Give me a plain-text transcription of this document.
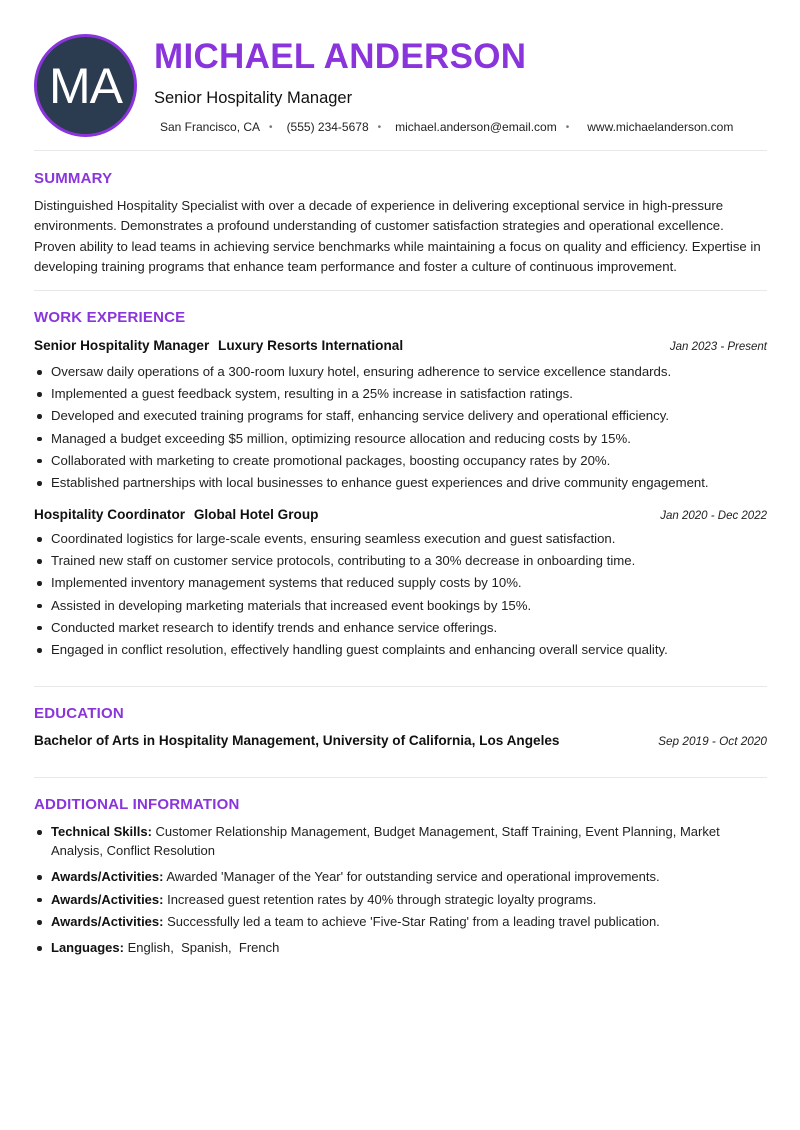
MA
MICHAEL ANDERSON
Senior Hospitality Manager
San Francisco, CA • (555) 234-5678 • michael.anderson@email.com • www.michaelanderson.com
SUMMARY
Distinguished Hospitality Specialist with over a decade of experience in delivering exceptional service in high-pressure environments. Demonstrates a profound understanding of customer satisfaction strategies and operational excellence. Proven ability to lead teams in achieving service benchmarks while maintaining a focus on quality and efficiency. Expertise in developing training programs that enhance team performance and foster a culture of continuous improvement.
WORK EXPERIENCE
Senior Hospitality Manager Luxury Resorts International	Jan 2023 - Present
Oversaw daily operations of a 300-room luxury hotel, ensuring adherence to service excellence standards.
Implemented a guest feedback system, resulting in a 25% increase in satisfaction ratings.
Developed and executed training programs for staff, enhancing service delivery and operational efficiency.
Managed a budget exceeding $5 million, optimizing resource allocation and reducing costs by 15%.
Collaborated with marketing to create promotional packages, boosting occupancy rates by 20%.
Established partnerships with local businesses to enhance guest experiences and drive community engagement.
Hospitality Coordinator Global Hotel Group	Jan 2020 - Dec 2022
Coordinated logistics for large-scale events, ensuring seamless execution and guest satisfaction.
Trained new staff on customer service protocols, contributing to a 30% decrease in onboarding time.
Implemented inventory management systems that reduced supply costs by 10%.
Assisted in developing marketing materials that increased event bookings by 15%.
Conducted market research to identify trends and enhance service offerings.
Engaged in conflict resolution, effectively handling guest complaints and enhancing overall service quality.
EDUCATION
Bachelor of Arts in Hospitality Management, University of California, Los Angeles	Sep 2019 - Oct 2020
ADDITIONAL INFORMATION
Technical Skills: Customer Relationship Management, Budget Management, Staff Training, Event Planning, Market Analysis, Conflict Resolution
Awards/Activities: Awarded 'Manager of the Year' for outstanding service and operational improvements.
Awards/Activities: Increased guest retention rates by 40% through strategic loyalty programs.
Awards/Activities: Successfully led a team to achieve 'Five-Star Rating' from a leading travel publication.
Languages: English,  Spanish,  French
